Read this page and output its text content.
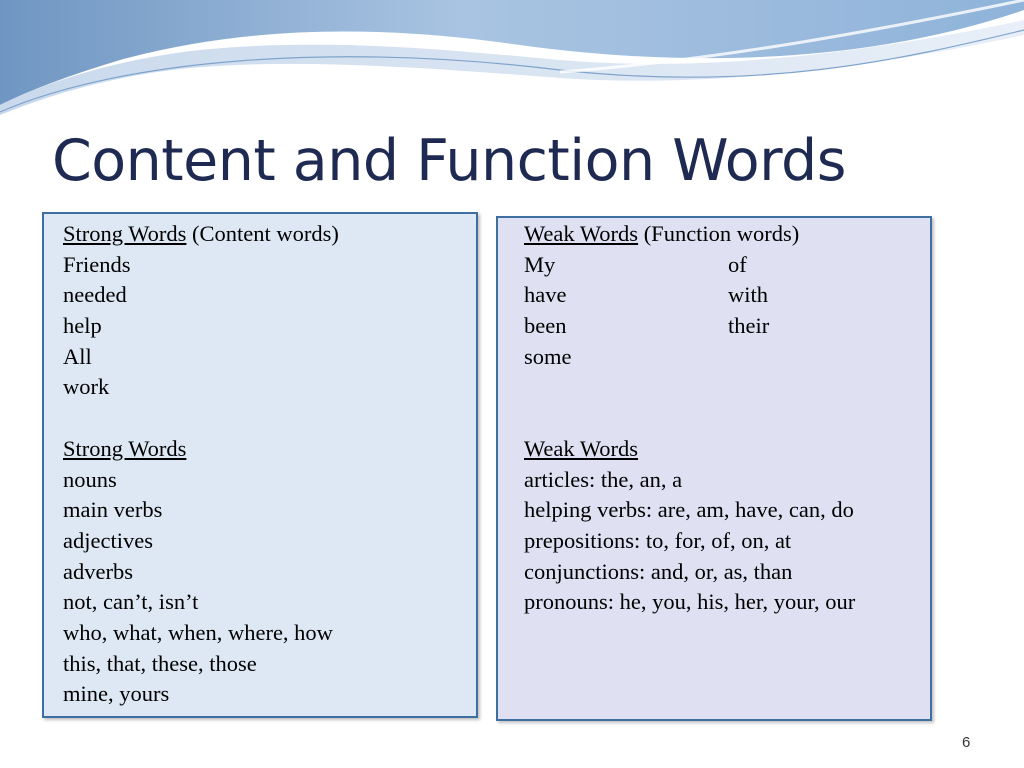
Content and Function Words
Strong Words (Content words)
Friends
needed
help
All
work
Strong Words
nouns
main verbs
adjectives
adverbs
not, can’t, isn’t
who, what, when, where, how
this, that, these, those
mine, yours
Weak Words (Function words)
My	of
have	with
been	their
some
Weak Words
articles: the, an, a
helping verbs: are, am, have, can, do
prepositions: to, for, of, on, at
conjunctions: and, or, as, than
pronouns: he, you, his, her, your, our
6
